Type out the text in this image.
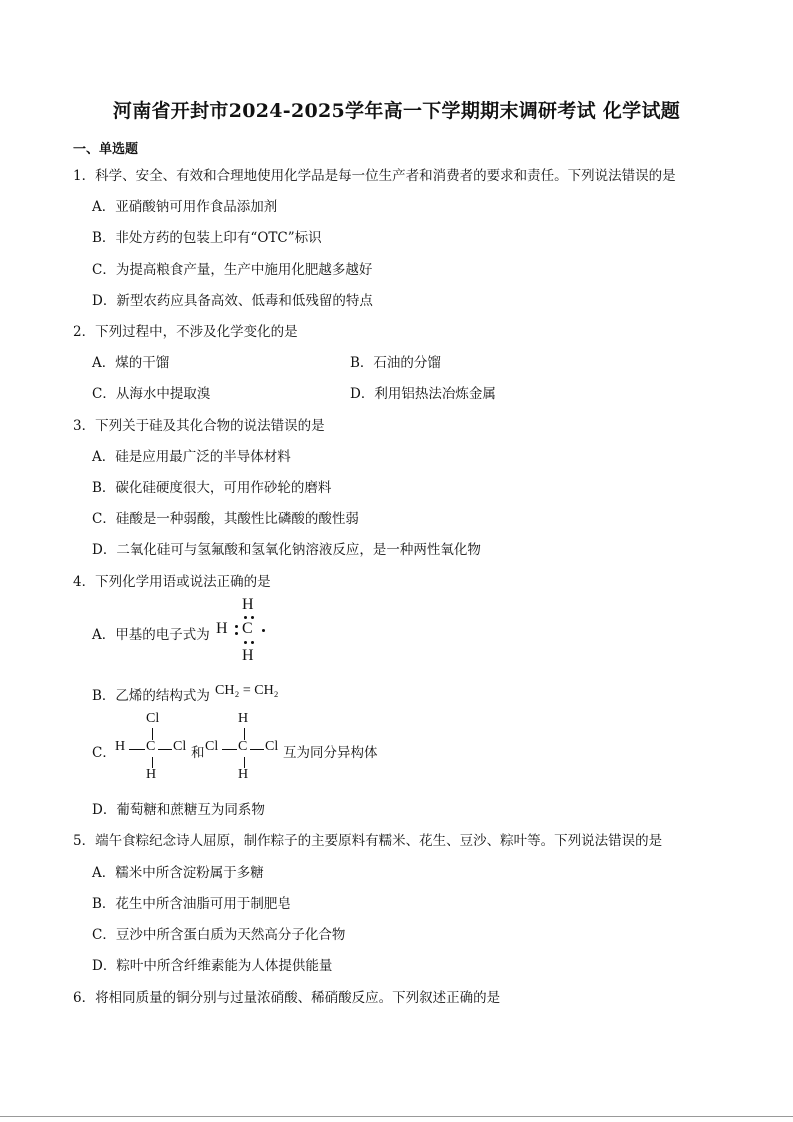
河南省开封市2024-2025学年高一下学期期末调研考试 化学试题
一、单选题
1．科学、安全、有效和合理地使用化学品是每一位生产者和消费者的要求和责任。下列说法错误的是
A．亚硝酸钠可用作食品添加剂
B．非处方药的包装上印有“OTC”标识
C．为提高粮食产量，生产中施用化肥越多越好
D．新型农药应具备高效、低毒和低残留的特点
2．下列过程中，不涉及化学变化的是
A．煤的干馏	B．石油的分馏
C．从海水中提取溴	D．利用铝热法冶炼金属
3．下列关于硅及其化合物的说法错误的是
A．硅是应用最广泛的半导体材料
B．碳化硅硬度很大，可用作砂轮的磨料
C．硅酸是一种弱酸，其酸性比磷酸的酸性弱
D．二氧化硅可与氢氟酸和氢氧化钠溶液反应，是一种两性氧化物
4．下列化学用语或说法正确的是
A．甲基的电子式为
H
H C
H
B．乙烯的结构式为 CH₂ = CH₂
C．
Cl
H C Cl
H
和
H
Cl C Cl
H
互为同分异构体
D．葡萄糖和蔗糖互为同系物
5．端午食粽纪念诗人屈原，制作粽子的主要原料有糯米、花生、豆沙、粽叶等。下列说法错误的是
A．糯米中所含淀粉属于多糖
B．花生中所含油脂可用于制肥皂
C．豆沙中所含蛋白质为天然高分子化合物
D．粽叶中所含纤维素能为人体提供能量
6．将相同质量的铜分别与过量浓硝酸、稀硝酸反应。下列叙述正确的是
